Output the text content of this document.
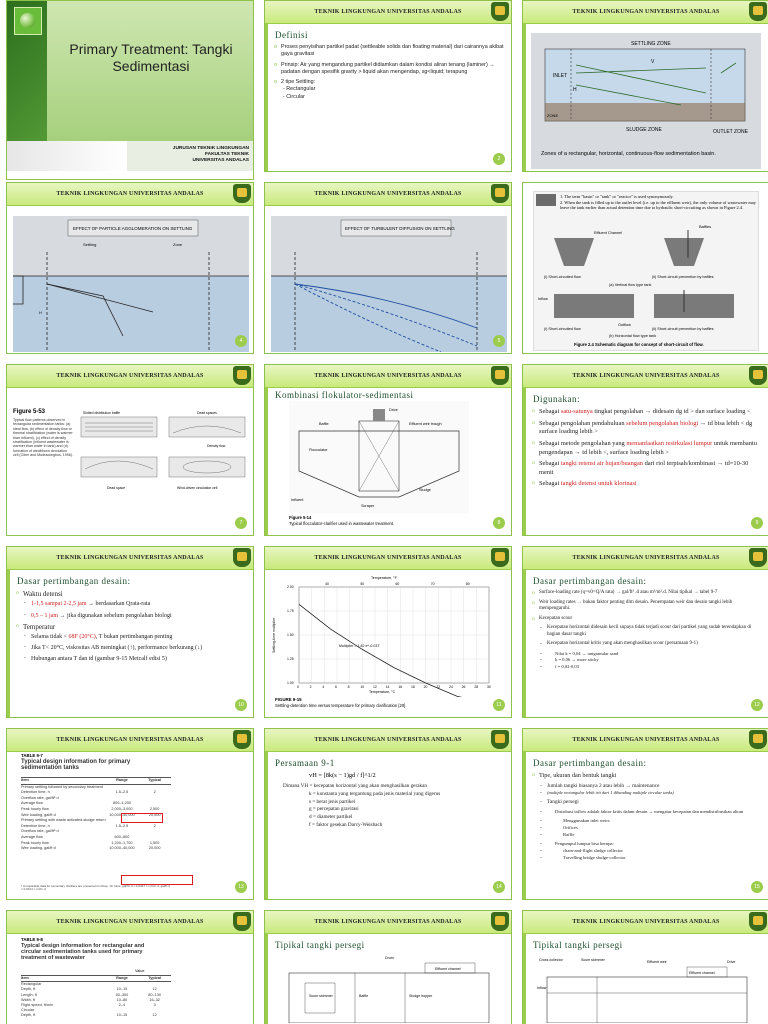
Primary Treatment: Tangki Sedimentasi
JURUSAN TEKNIK LINGKUNGAN
FAKULTAS TEKNIK
UNIVERSITAS ANDALAS
TEKNIK LINGKUNGAN UNIVERSITAS ANDALAS
Definisi
o Proses penyisihan partikel padat (settleable solids dan floating material) dari cairannya akibat gaya gravitasi
o Prinsip: Air yang mengandung partikel didiamkan dalam kondisi aliran tenang (laminer) → padatan dengan spesifik gravity > liquid akan mengendap, sg<liquid; terapung
o 2 tipe Settling:
- Rectangular
- Circular
2
TEKNIK LINGKUNGAN UNIVERSITAS ANDALAS
SETTLING ZONE
INLET
OUTLET ZONE
ZONE
SLUDGE ZONE
H
V
Zones of a rectangular, horizontal, continuous-flow sedimentation basin.
TEKNIK LINGKUNGAN UNIVERSITAS ANDALAS
EFFECT OF PARTICLE AGGLOMERATION ON SETTLING
Settling	Zone
H
4
TEKNIK LINGKUNGAN UNIVERSITAS ANDALAS
EFFECT OF TURBULENT DIFFUSION ON SETTLING
5
1. The term "basin" or "tank" or "reactor" is used synonymously.
2. When the tank is filled up to the outlet level (i.e. up to the effluent weir), the only volume of wastewater may leave the tank earlier than actual detention time due to hydraulic short-circuiting as shown in Figure 2.4.
Baffles
Effluent Channel
(i) Short-circuited flow	(ii) Short-circuit prevention by baffles
(a) Vertical flow type tank
Inflow
Outflow
(i) Short-circuited flow	(ii) Short-circuit prevention by baffles
(b) Horizontal flow type tank
Figure 2.4 Schematic diagram for concept of short-circuit of flow.
TEKNIK LINGKUNGAN UNIVERSITAS ANDALAS
Figure 5-53
Typical flow patterns observed in rectangular sedimentation tanks: (a) ideal flow, (b) effect of density flow or thermal stratification (water is warmer than influent), (c) effect of density stratification (influent wastewater is warmer than water in tank) and (d) formation of windblown circulation cell (Ciber and Mudrackegbus, 1996).
Slotted distribution baffle	Dead spaces
Density flow
Dead space	Wind-driven circulation cell
7
TEKNIK LINGKUNGAN UNIVERSITAS ANDALAS
Kombinasi flokulator-sedimentasi
Drive
Flocculator
Sludge
Effluent weir trough
Influent
Scraper
Baffle
Figure 5-14
Typical flocculator-clarifier used in wastewater treatment.	8
TEKNIK LINGKUNGAN UNIVERSITAS ANDALAS
Digunakan:
o Sebagai satu-satunya tingkat pengolahan → didesain dg td > dan surface loading <
o Sebagai pengolahan pendahuluan sebelum pengolahan biologi → td bisa lebih < dg surface loading lebih >
o Sebagai metode pengolahan yang memanfaatkan resirkulasi lumpur untuk membantu pengendapan → td lebih <, surface loading lebih >
o Sebagai tangki retensi air hujan/buangan dari riol terpisah/kombinasi → td=10-30 menit
o Sebagai tangki detensi untuk klorinasi
9
TEKNIK LINGKUNGAN UNIVERSITAS ANDALAS
Dasar pertimbangan desain:
o Waktu detensi
- 1-1,5 sampai 2-2,5 jam → berdasarkan Qrata-rata
- 0,5 – 1 jam → jika digunakan sebelum pengolahan biologi
o Temperatur
- Selama tidak < 68F (20°C), T bukan pertimbangan penting
- Jika T< 20°C, viskositas AB meningkat (↑), performance berkurang (↓)
- Hubungan antara T dan td (gambar 9-15 Metcalf edisi 5)
10
TEKNIK LINGKUNGAN UNIVERSITAS ANDALAS
Temperature, °F
Temperature, °C
Settling-time multiplier	Multiplier = 1.82 e^-0.03T
0	2	4	6	8	10	12	14	16	18	20	22	24	26	28	30
1.00
1.25
1.50
1.75
2.00
40	50	60	70	80
FIGURE 9-15
Settling-detention time versus temperature for primary clarification [20].	11
TEKNIK LINGKUNGAN UNIVERSITAS ANDALAS
Dasar pertimbangan desain:
o Surface-loading rate (q=v0=Q/A rata) → gal/ft² .d atau m³/m².d. Nilai tipikal → tabel 9-7
o Weir loading rates → bukan faktor penting dlm desain. Penempatan weir dan desain tangki lebih mempengaruhi.
o Kecepatan scour
- Kecepatan horizontal didesain kecil supaya tidak terjadi scour dari partikel yang sudah terendapkan di bagian dasar tangki
- Kecepatan horizontal kritis yang akan menghasilkan scour (persamaan 9-1)
- Nilai k = 0,04 → unigranular sand
- k = 0,06 → more sticky
- f = 0,02-0,03
12
TEKNIK LINGKUNGAN UNIVERSITAS ANDALAS
TABLE 9-7
Typical design information for primary sedimentation tanks
Item	Range	Typical
Primary settling followed by secondary treatment
Detention time, h	1.5–2.5	2
Overflow rate, gal/ft²·d
Average flow	800–1,200
Peak hourly flow	2,000–3,000	2,500
Weir loading, gal/ft·d	10,000–40,000	20,000
Primary settling with waste activated-sludge return
Detention time, h	1.5–2.5	2
Overflow rate, gal/ft²·d
Average flow	600–800
Peak hourly flow	1,200–1,700	1,500
Weir loading, gal/ft·d	10,000–40,000	20,000
* Comparable data for secondary clarifiers are presented in Chap. 10. Note: gal/ft²·d × 0.0407 = m³/m²·d; gal/ft·d × 0.0124 = m³/m·d	13
TEKNIK LINGKUNGAN UNIVERSITAS ANDALAS
Persamaan 9-1
vH = [8k(s − 1)gd / f]^1/2
Dimana VH = kecepatan horizontal yang akan menghasilkan gerakan
k = konstanta yang tergantung pada jenis material yang digerus
s = berat jenis partikel
g = percepatan gravitasi
d = diameter partikel
f = faktor gesekan Darcy-Weisbach
14
TEKNIK LINGKUNGAN UNIVERSITAS ANDALAS
Dasar pertimbangan desain:
o Tipe, ukuran dan bentuk tangki
- Jumlah tangki biasanya 2 atau lebih → maintenance
- (multiple rectangular lebih irit dari 1 dibanding multiple circular tanks)
- Tangki persegi
- Distribusi inflow adalah faktor kritis dalam desain → mengatur kecepatan dan mendistribusikan aliran
- Menggunakan inlet weirs
- Orifices
- Baffle
- Pengumpul lumpur bisa berupa:
- chain-and-flight sludge collector
- Travelling bridge sludge-collector
15
TEKNIK LINGKUNGAN UNIVERSITAS ANDALAS
TABLE 9-8
Typical design information for rectangular and circular sedimentation tanks used for primary treatment of wastewater
Value
Item	Range	Typical
Rectangular
Depth, ft	10–15	12
Length, ft	50–300	80–130
Width, ft	10–80	16–32
Flight speed, ft/min	2–4	3
Circular
Depth, ft	10–15	12
TEKNIK LINGKUNGAN UNIVERSITAS ANDALAS
Tipikal tangki persegi
Drum
Effluent channel
Scum skimmer	Baffle	Sludge hopper
TEKNIK LINGKUNGAN UNIVERSITAS ANDALAS
Tipikal tangki persegi
Cross collector	Scum skimmer	Effluent weir
Inflow
Effluent channel
Drive
